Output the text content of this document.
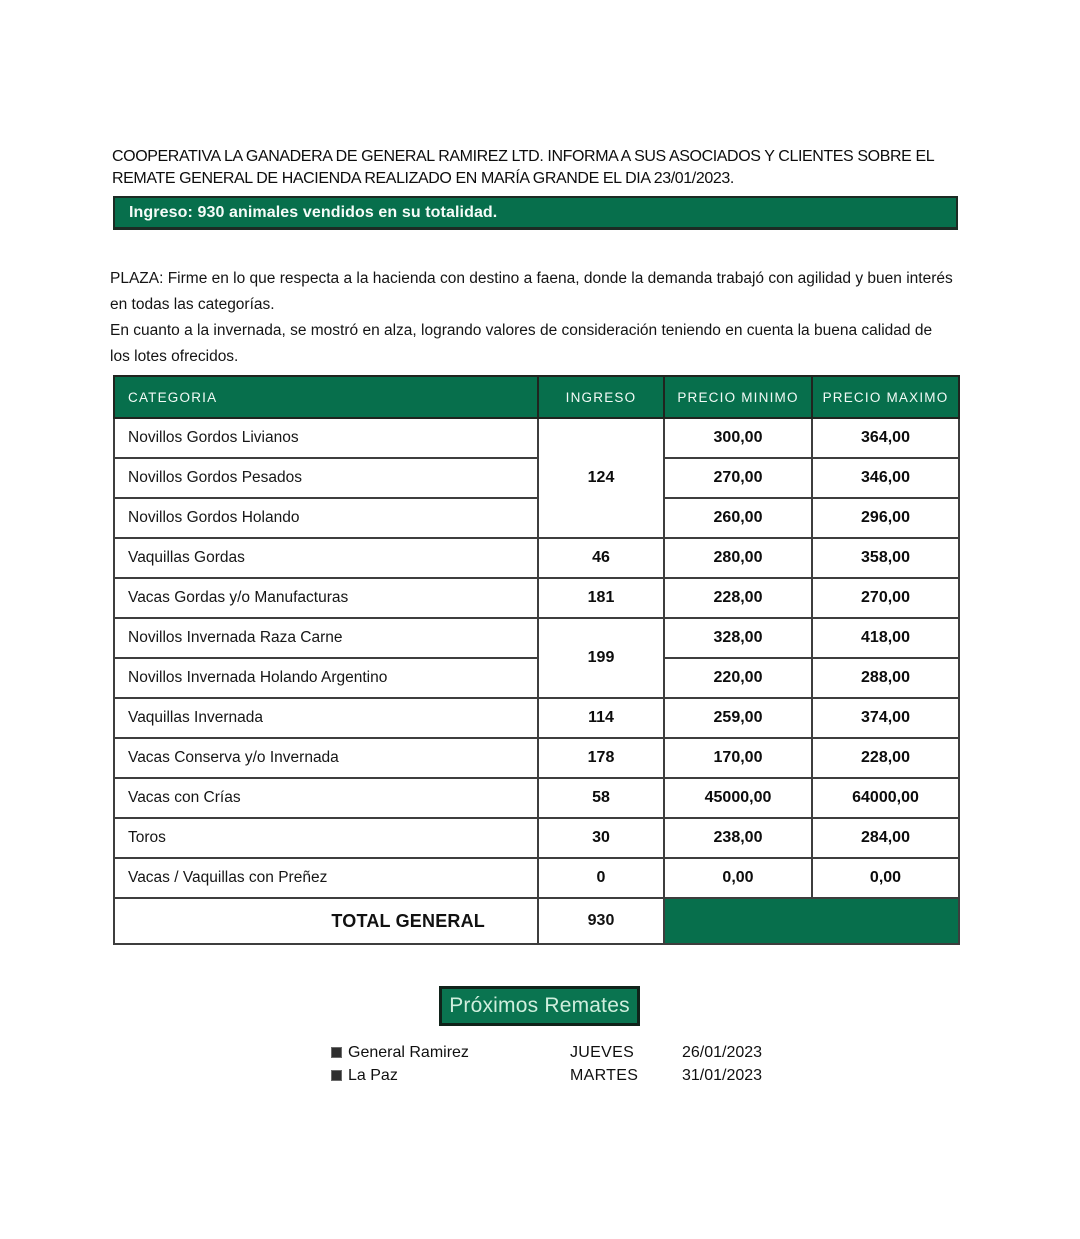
COOPERATIVA LA GANADERA DE GENERAL RAMIREZ LTD. INFORMA A SUS ASOCIADOS Y CLIENTES SOBRE EL REMATE GENERAL DE HACIENDA REALIZADO EN MARÍA GRANDE EL DIA 23/01/2023.

Ingreso: 930 animales vendidos en su totalidad.

PLAZA: Firme en lo que respecta a la hacienda con destino a faena, donde la demanda trabajó con agilidad y buen interés en todas las categorías.

En cuanto a la invernada, se mostró en alza, logrando valores de consideración teniendo en cuenta la buena calidad de los lotes ofrecidos.

CATEGORIA	INGRESO	PRECIO MINIMO	PRECIO MAXIMO
Novillos Gordos Livianos	124	300,00	364,00
Novillos Gordos Pesados		270,00	346,00
Novillos Gordos Holando		260,00	296,00
Vaquillas Gordas	46	280,00	358,00
Vacas Gordas y/o Manufacturas	181	228,00	270,00
Novillos Invernada Raza Carne	199	328,00	418,00
Novillos Invernada Holando Argentino		220,00	288,00
Vaquillas Invernada	114	259,00	374,00
Vacas Conserva y/o Invernada	178	170,00	228,00
Vacas con Crías	58	45000,00	64000,00
Toros	30	238,00	284,00
Vacas / Vaquillas con Preñez	0	0,00	0,00
TOTAL GENERAL	930		
Próximos Remates
General Ramirez	JUEVES	26/01/2023
La Paz	MARTES	31/01/2023
